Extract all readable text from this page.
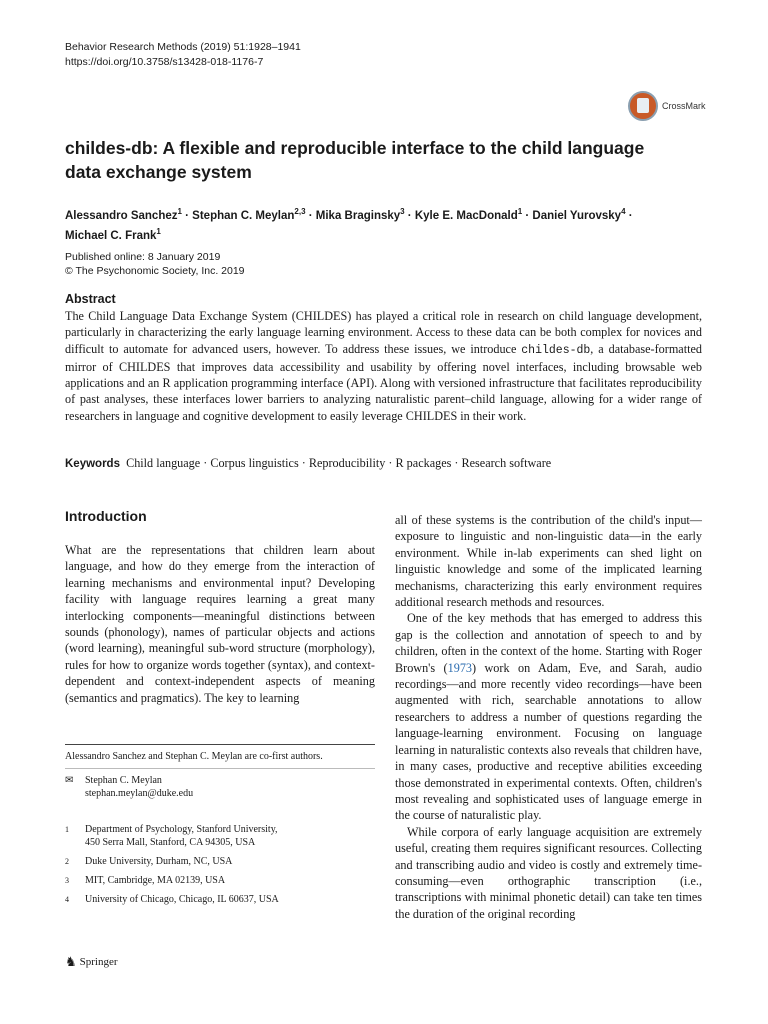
Behavior Research Methods (2019) 51:1928–1941
https://doi.org/10.3758/s13428-018-1176-7
CrossMark
childes-db: A flexible and reproducible interface to the child language data exchange system
Alessandro Sanchez$^1$ · Stephan C. Meylan$^{2,3}$ · Mika Braginsky$^3$ · Kyle E. MacDonald$^1$ · Daniel Yurovsky$^4$ ·
Michael C. Frank$^1$
Published online: 8 January 2019
© The Psychonomic Society, Inc. 2019
Abstract
The Child Language Data Exchange System (CHILDES) has played a critical role in research on child language development, particularly in characterizing the early language learning environment. Access to these data can be both complex for novices and difficult to automate for advanced users, however. To address these issues, we introduce childes-db, a database-formatted mirror of CHILDES that improves data accessibility and usability by offering novel interfaces, including browsable web applications and an R application programming interface (API). Along with versioned infrastructure that facilitates reproducibility of past analyses, these interfaces lower barriers to analyzing naturalistic parent–child language, allowing for a wider range of researchers in language and cognitive development to easily leverage CHILDES in their work.
Keywords Child language · Corpus linguistics · Reproducibility · R packages · Research software
Introduction
What are the representations that children learn about language, and how do they emerge from the interaction of learning mechanisms and environmental input? Developing facility with language requires learning a great many interlocking components—meaningful distinctions between sounds (phonology), names of particular objects and actions (word learning), meaningful sub-word structure (morphology), rules for how to organize words together (syntax), and context-dependent and context-independent aspects of meaning (semantics and pragmatics). The key to learning

all of these systems is the contribution of the child's input—exposure to linguistic and non-linguistic data—in the early environment. While in-lab experiments can shed light on linguistic knowledge and some of the implicated learning mechanisms, characterizing this early environment requires additional research methods and resources.

One of the key methods that has emerged to address this gap is the collection and annotation of speech to and by children, often in the context of the home. Starting with Roger Brown's (1973) work on Adam, Eve, and Sarah, audio recordings—and more recently video recordings—have been augmented with rich, searchable annotations to allow researchers to address a number of questions regarding the language-learning environment. Focusing on language learning in naturalistic contexts also reveals that children have, in many cases, productive and receptive abilities exceeding those demonstrated in experimental contexts. Often, children's most revealing and sophisticated uses of language emerge in the course of naturalistic play.

While corpora of early language acquisition are extremely useful, creating them requires significant resources. Collecting and transcribing audio and video is costly and extremely time-consuming—even orthographic transcription (i.e., transcriptions with minimal phonetic detail) can take ten times the duration of the original recording

Alessandro Sanchez and Stephan C. Meylan are co-first authors.
✉	Stephan C. Meylan
stephan.meylan@duke.edu
1	Department of Psychology, Stanford University,
450 Serra Mall, Stanford, CA 94305, USA
2	Duke University, Durham, NC, USA
3	MIT, Cambridge, MA 02139, USA
4	University of Chicago, Chicago, IL 60637, USA
♞ Springer
